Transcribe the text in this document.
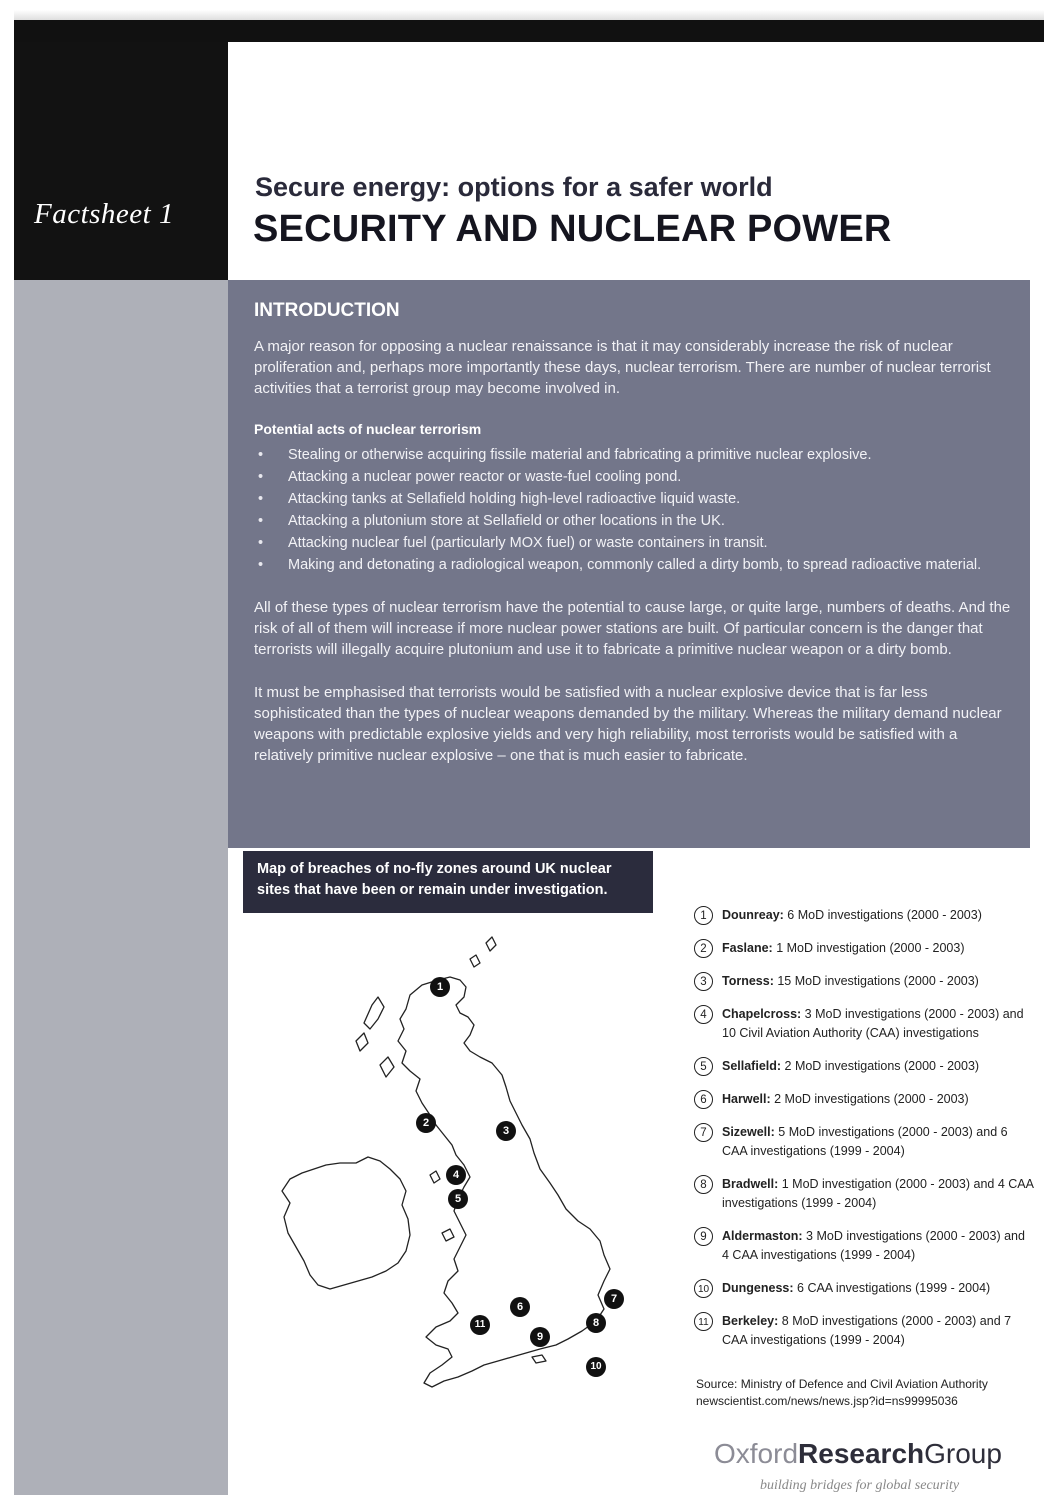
Factsheet 1
Secure energy: options for a safer world
SECURITY AND NUCLEAR POWER
INTRODUCTION

A major reason for opposing a nuclear renaissance is that it may considerably increase the risk of nuclear proliferation and, perhaps more importantly these days, nuclear terrorism. There are number of nuclear terrorist activities that a terrorist group may become involved in.

Potential acts of nuclear terrorism
• Stealing or otherwise acquiring fissile material and fabricating a primitive nuclear explosive.
• Attacking a nuclear power reactor or waste-fuel cooling pond.
• Attacking tanks at Sellafield holding high-level radioactive liquid waste.
• Attacking a plutonium store at Sellafield or other locations in the UK.
• Attacking nuclear fuel (particularly MOX fuel) or waste containers in transit.
• Making and detonating a radiological weapon, commonly called a dirty bomb, to spread radioactive material.

All of these types of nuclear terrorism have the potential to cause large, or quite large, numbers of deaths. And the risk of all of them will increase if more nuclear power stations are built. Of particular concern is the danger that terrorists will illegally acquire plutonium and use it to fabricate a primitive nuclear weapon or a dirty bomb.

It must be emphasised that terrorists would be satisfied with a nuclear explosive device that is far less sophisticated than the types of nuclear weapons demanded by the military. Whereas the military demand nuclear weapons with predictable explosive yields and very high reliability, most terrorists would be satisfied with a relatively primitive nuclear explosive – one that is much easier to fabricate.

Map of breaches of no-fly zones around UK nuclear sites that have been or remain under investigation.
1
2
3
4
5
6
7
8
9
10
11
1	Dounreay: 6 MoD investigations (2000 - 2003)
2	Faslane: 1 MoD investigation (2000 - 2003)
3	Torness: 15 MoD investigations (2000 - 2003)
4	Chapelcross: 3 MoD investigations (2000 - 2003) and 10 Civil Aviation Authority (CAA) investigations
5	Sellafield: 2 MoD investigations (2000 - 2003)
6	Harwell: 2 MoD investigations (2000 - 2003)
7	Sizewell: 5 MoD investigations (2000 - 2003) and 6 CAA investigations (1999 - 2004)
8	Bradwell: 1 MoD investigation (2000 - 2003) and 4 CAA investigations (1999 - 2004)
9	Aldermaston: 3 MoD investigations (2000 - 2003) and 4 CAA investigations (1999 - 2004)
10	Dungeness: 6 CAA investigations (1999 - 2004)
11	Berkeley: 8 MoD investigations (2000 - 2003) and 7 CAA investigations (1999 - 2004)
Source: Ministry of Defence and Civil Aviation Authority
newscientist.com/news/news.jsp?id=ns99995036
OxfordResearchGroup
building bridges for global security
